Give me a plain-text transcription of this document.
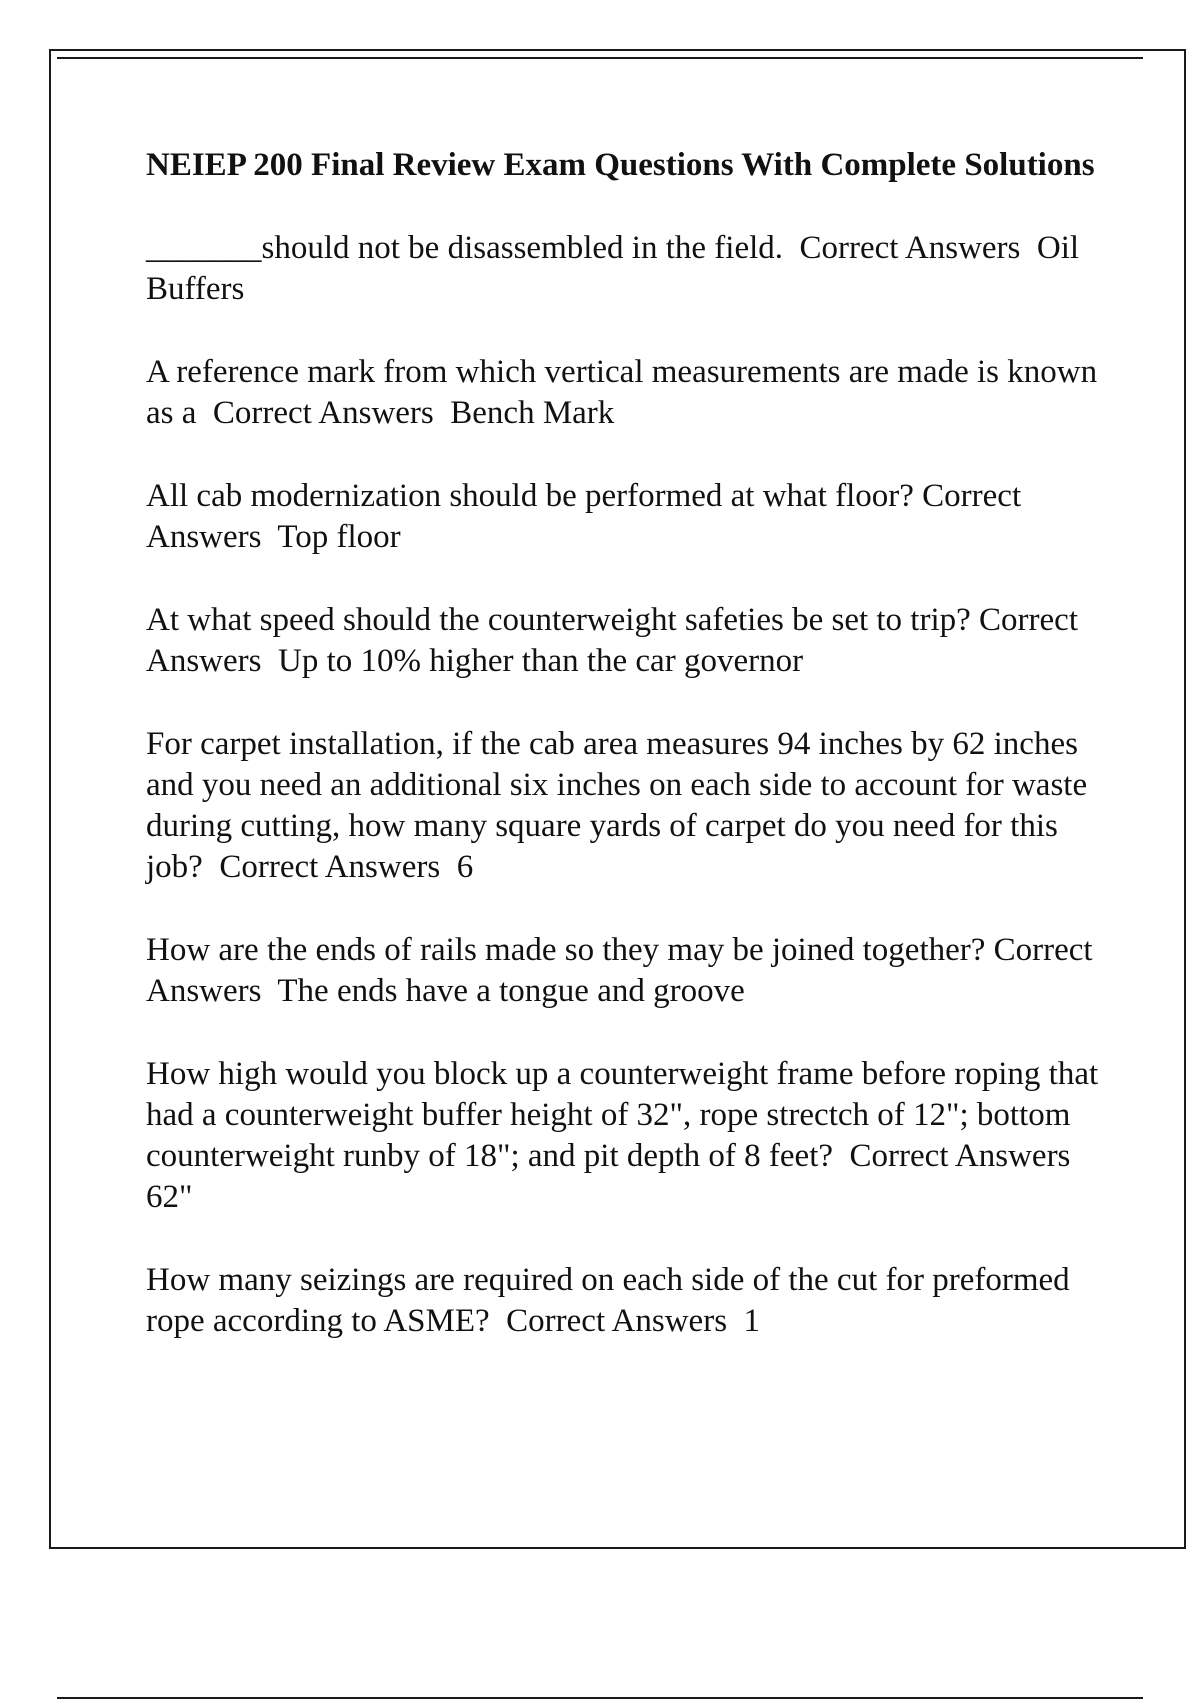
NEIEP 200 Final Review Exam Questions With Complete Solutions
_______should not be disassembled in the field. Correct Answers Oil Buffers
A reference mark from which vertical measurements are made is known as a Correct Answers Bench Mark
All cab modernization should be performed at what floor? Correct Answers Top floor
At what speed should the counterweight safeties be set to trip? Correct Answers Up to 10% higher than the car governor
For carpet installation, if the cab area measures 94 inches by 62 inches and you need an additional six inches on each side to account for waste during cutting, how many square yards of carpet do you need for this job? Correct Answers 6
How are the ends of rails made so they may be joined together? Correct Answers The ends have a tongue and groove
How high would you block up a counterweight frame before roping that had a counterweight buffer height of 32", rope strectch of 12"; bottom counterweight runby of 18"; and pit depth of 8 feet? Correct Answers  62"
How many seizings are required on each side of the cut for preformed rope according to ASME? Correct Answers 1
